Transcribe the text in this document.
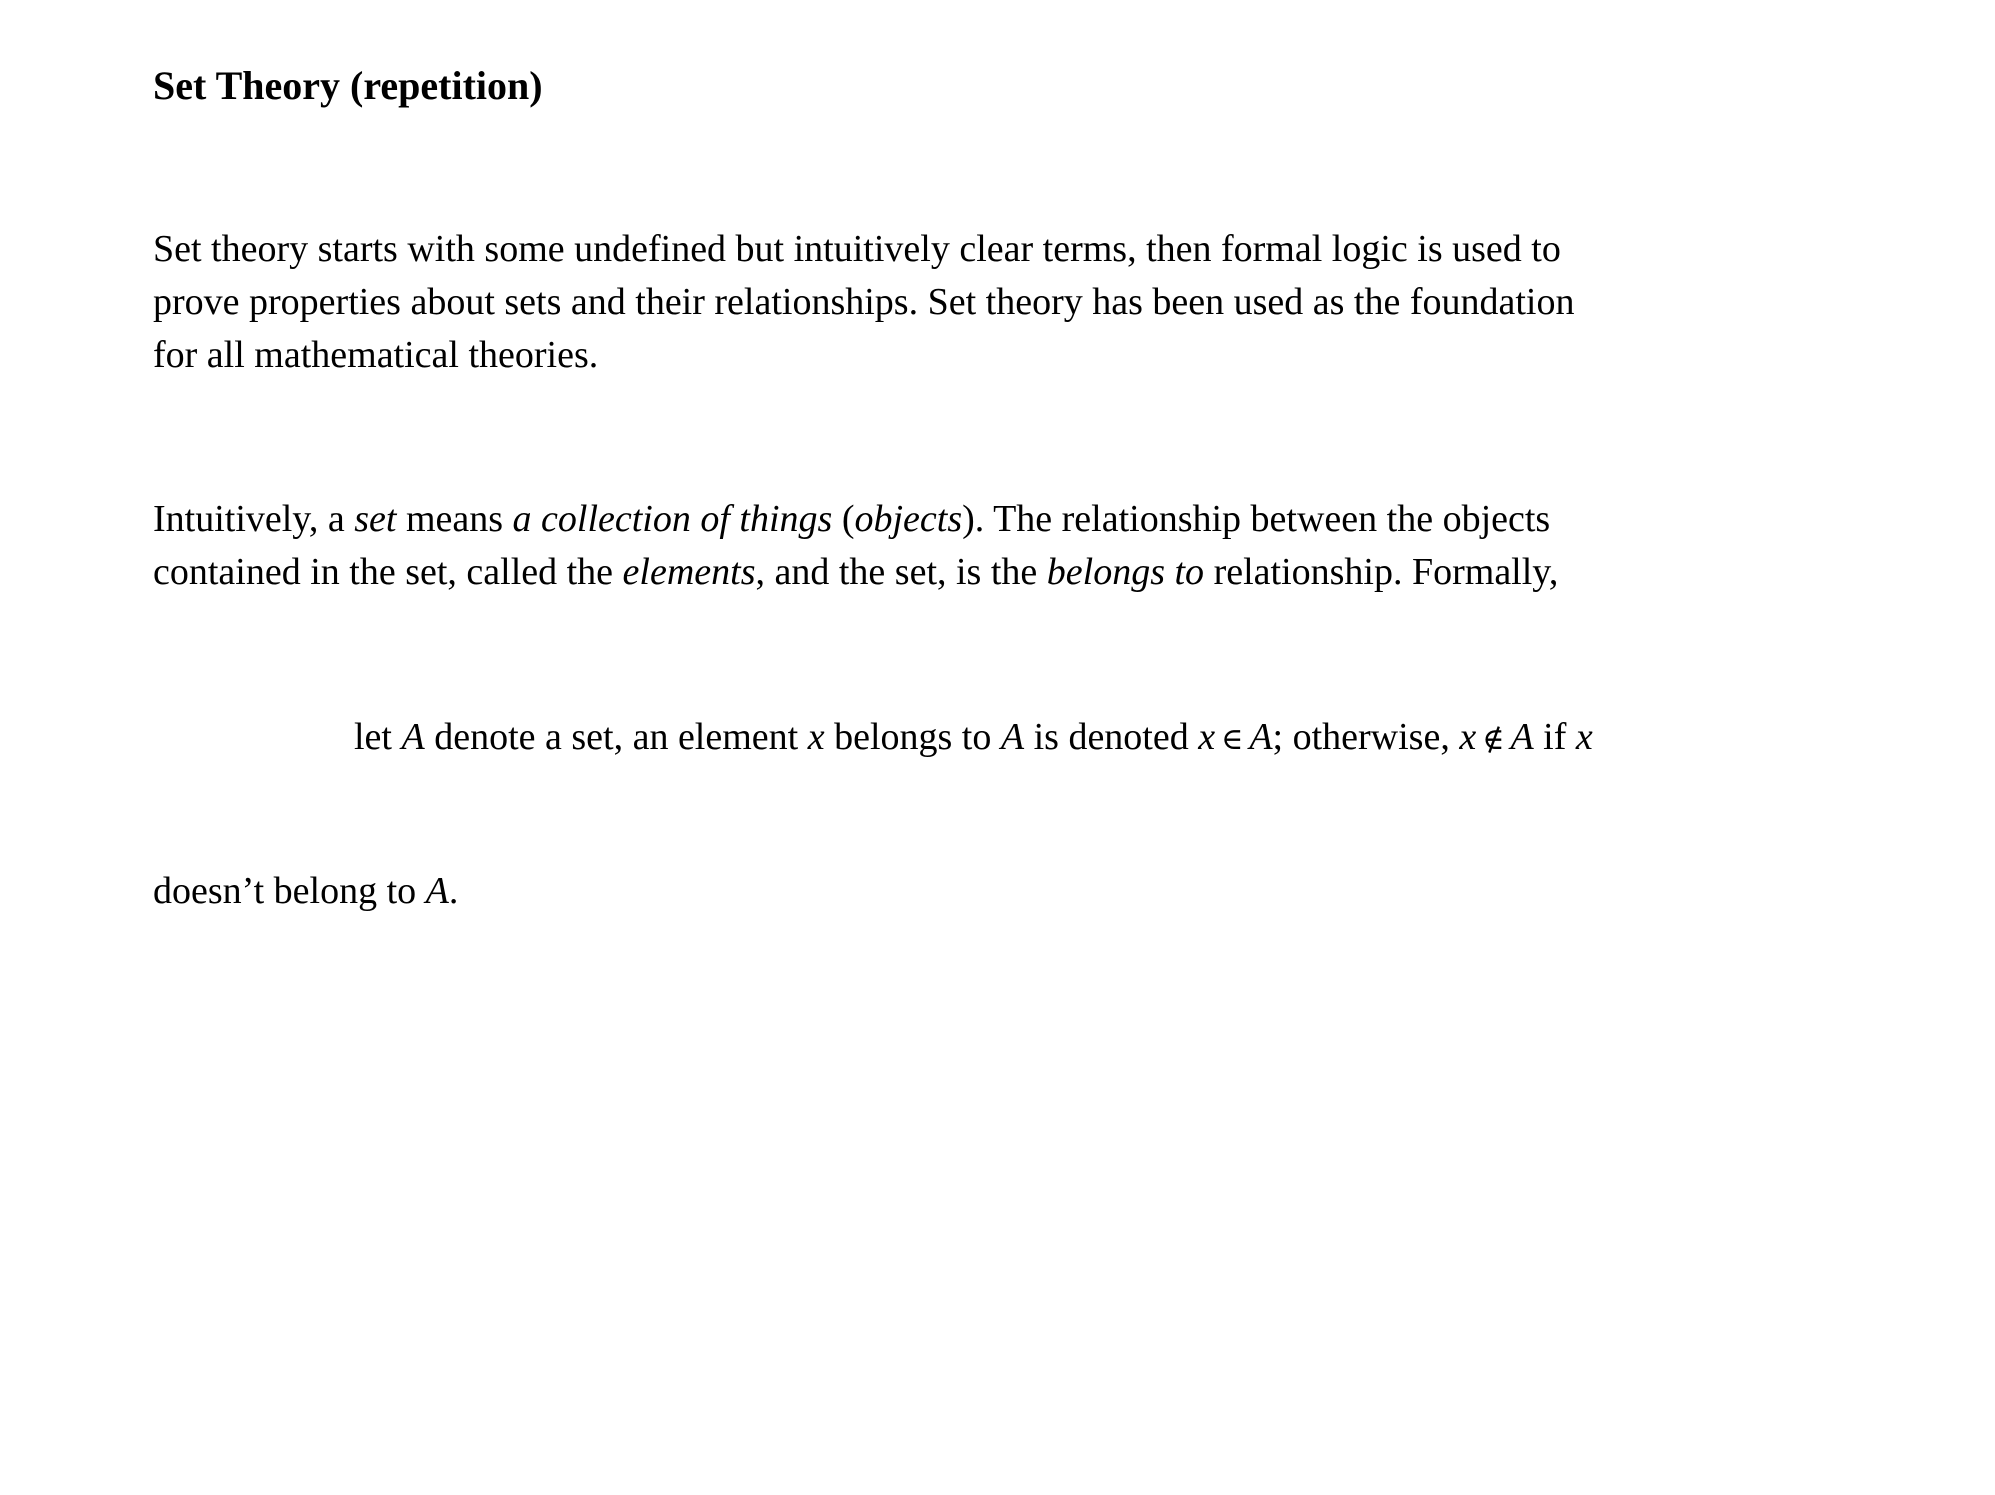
Set Theory (repetition)
Set theory starts with some undefined but intuitively clear terms, then formal logic is used to
prove properties about sets and their relationships. Set theory has been used as the foundation
for all mathematical theories.
Intuitively, a set means a collection of things (objects). The relationship between the objects
contained in the set, called the elements, and the set, is the belongs to relationship. Formally,
let A denote a set, an element x belongs to A is denoted x ∈ A; otherwise, x ∉ A if x
doesn’t belong to A.
